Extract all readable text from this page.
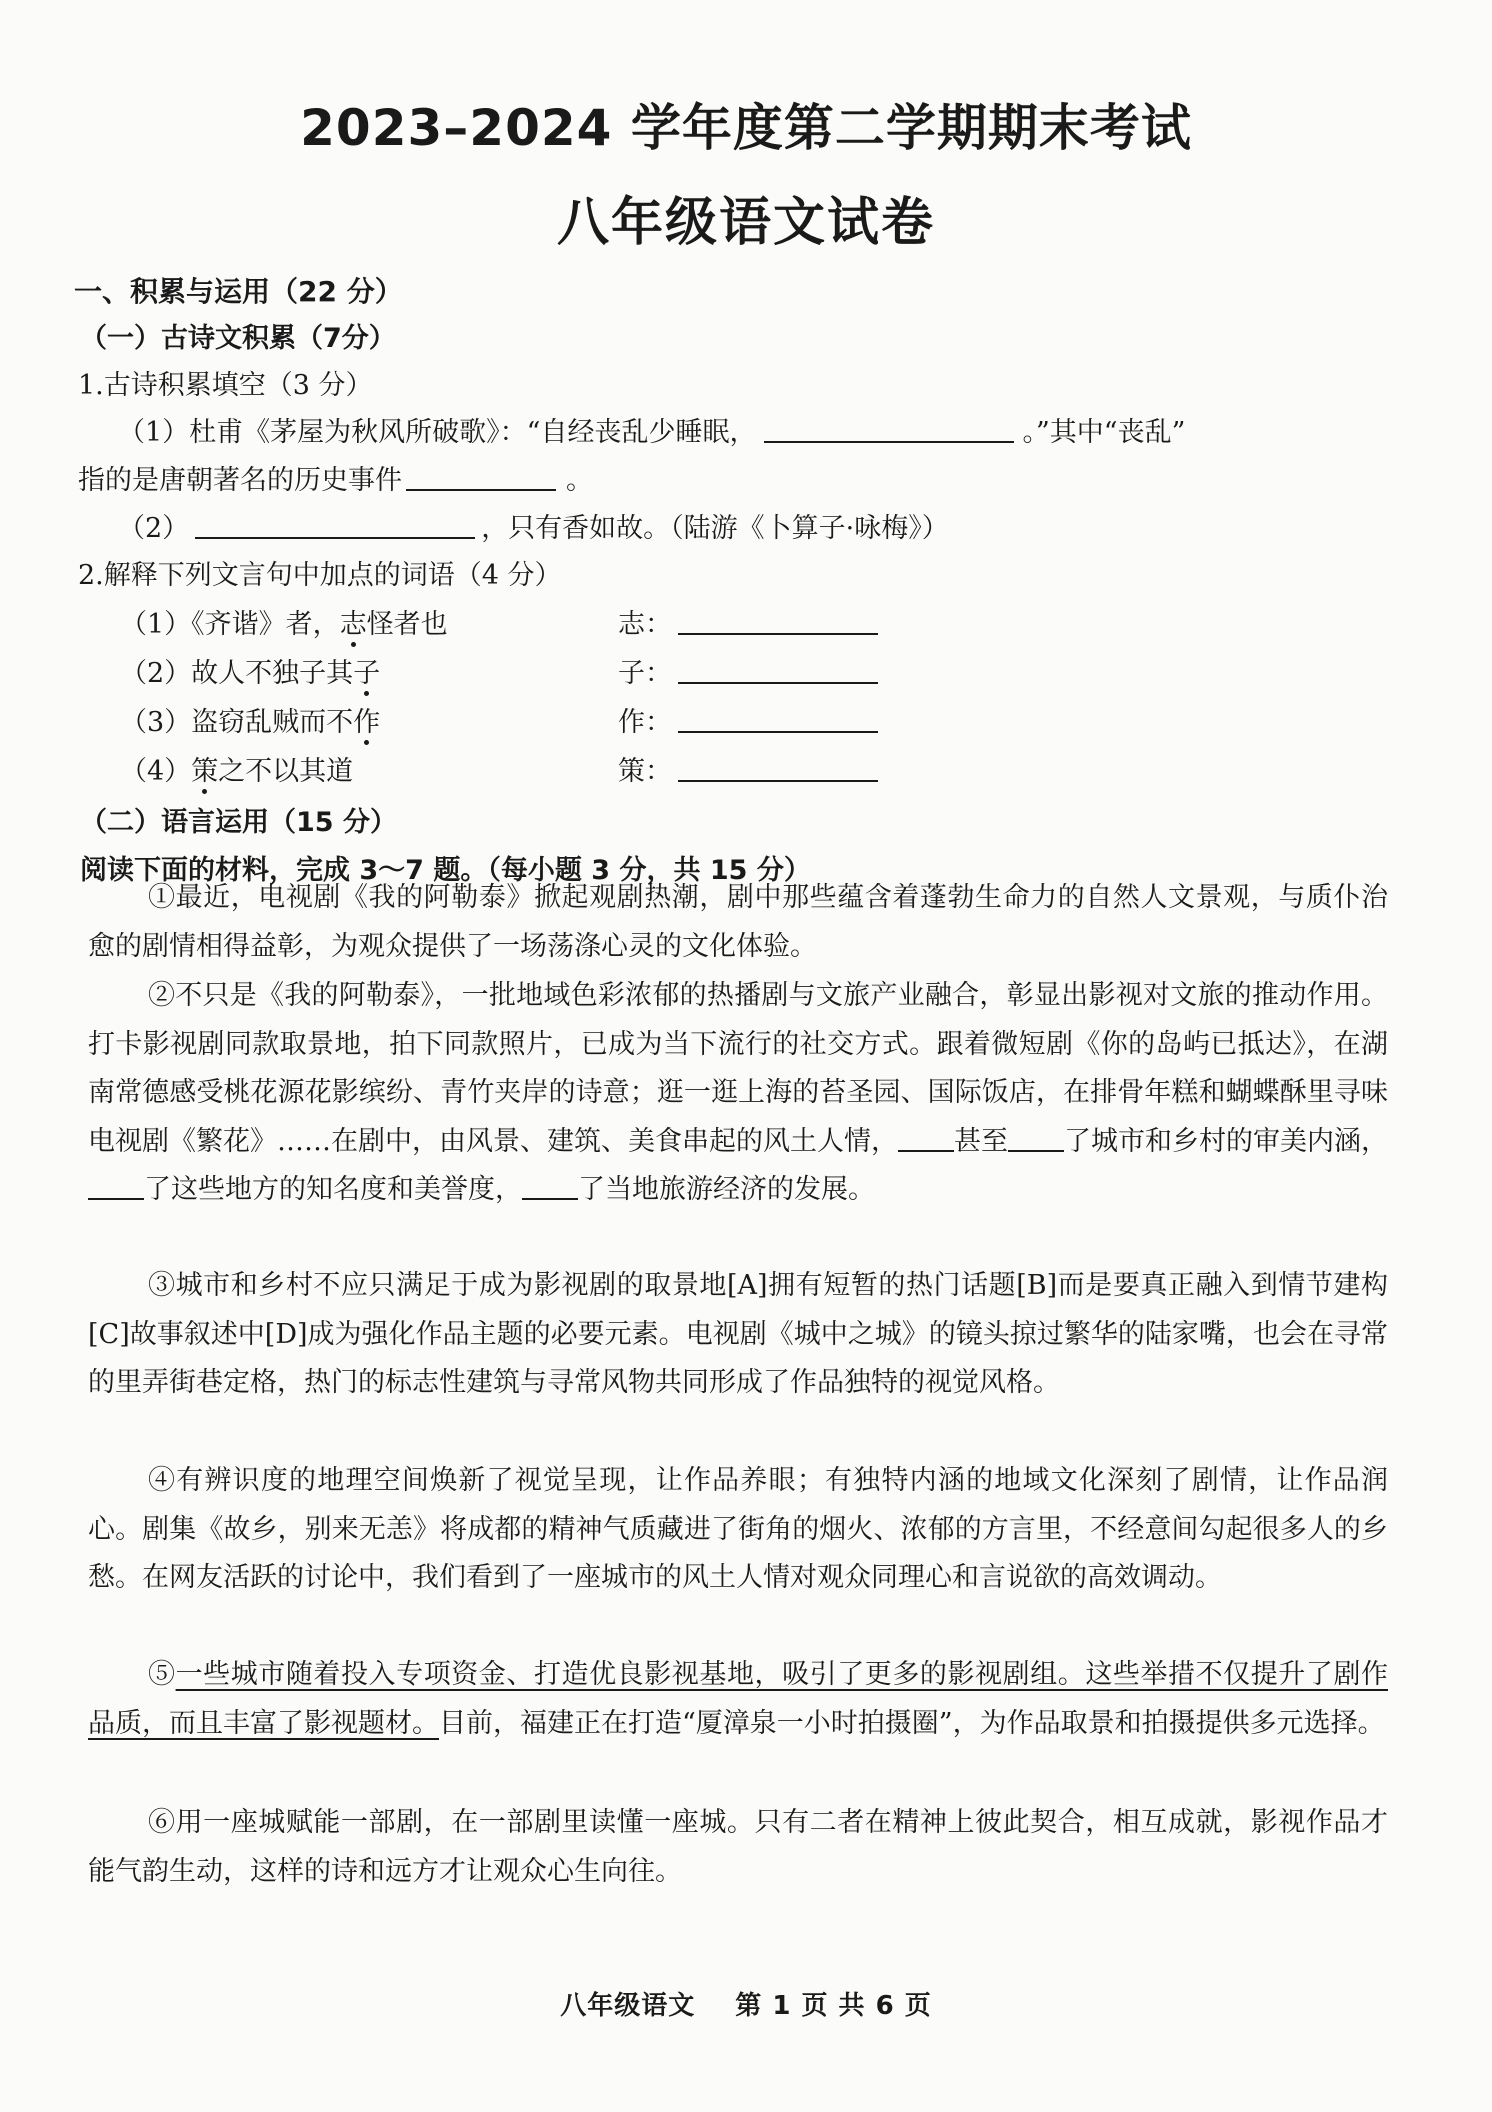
2023–2024 学年度第二学期期末考试
八年级语文试卷
一、积累与运用（22 分）
（一）古诗文积累（7分）
1.古诗积累填空（3 分）
（1）杜甫《茅屋为秋风所破歌》：“自经丧乱少睡眠，	。”其中“丧乱”
指的是唐朝著名的历史事件	。
（2）	，只有香如故。（陆游《卜算子·咏梅》）
2.解释下列文言句中加点的词语（4 分）
（1）《齐谐》者，志怪者也	志：
（2）故人不独子其子	子：
（3）盗窃乱贼而不作	作：
（4）策之不以其道	策：
（二）语言运用（15 分）
阅读下面的材料，完成 3～7 题。（每小题 3 分，共 15 分）
①最近，电视剧《我的阿勒泰》掀起观剧热潮，剧中那些蕴含着蓬勃生命力的自然人文景观，与质仆治愈的剧情相得益彰，为观众提供了一场荡涤心灵的文化体验。
②不只是《我的阿勒泰》，一批地域色彩浓郁的热播剧与文旅产业融合，彰显出影视对文旅的推动作用。打卡影视剧同款取景地，拍下同款照片，已成为当下流行的社交方式。跟着微短剧《你的岛屿已抵达》，在湖南常德感受桃花源花影缤纷、青竹夹岸的诗意；逛一逛上海的苔圣园、国际饭店，在排骨年糕和蝴蝶酥里寻味电视剧《繁花》……在剧中，由风景、建筑、美食串起的风土人情， 甚至 了城市和乡村的审美内涵，了这些地方的知名度和美誉度， 了当地旅游经济的发展。
③城市和乡村不应只满足于成为影视剧的取景地[A]拥有短暂的热门话题[B]而是要真正融入到情节建构[C]故事叙述中[D]成为强化作品主题的必要元素。电视剧《城中之城》的镜头掠过繁华的陆家嘴，也会在寻常的里弄街巷定格，热门的标志性建筑与寻常风物共同形成了作品独特的视觉风格。
④有辨识度的地理空间焕新了视觉呈现，让作品养眼；有独特内涵的地域文化深刻了剧情，让作品润心。剧集《故乡，别来无恙》将成都的精神气质藏进了街角的烟火、浓郁的方言里，不经意间勾起很多人的乡愁。在网友活跃的讨论中，我们看到了一座城市的风土人情对观众同理心和言说欲的高效调动。
⑤一些城市随着投入专项资金、打造优良影视基地，吸引了更多的影视剧组。这些举措不仅提升了剧作品质，而且丰富了影视题材。目前，福建正在打造“厦漳泉一小时拍摄圈”，为作品取景和拍摄提供多元选择。
⑥用一座城赋能一部剧，在一部剧里读懂一座城。只有二者在精神上彼此契合，相互成就，影视作品才能气韵生动，这样的诗和远方才让观众心生向往。
八年级语文 第 1 页 共 6 页
